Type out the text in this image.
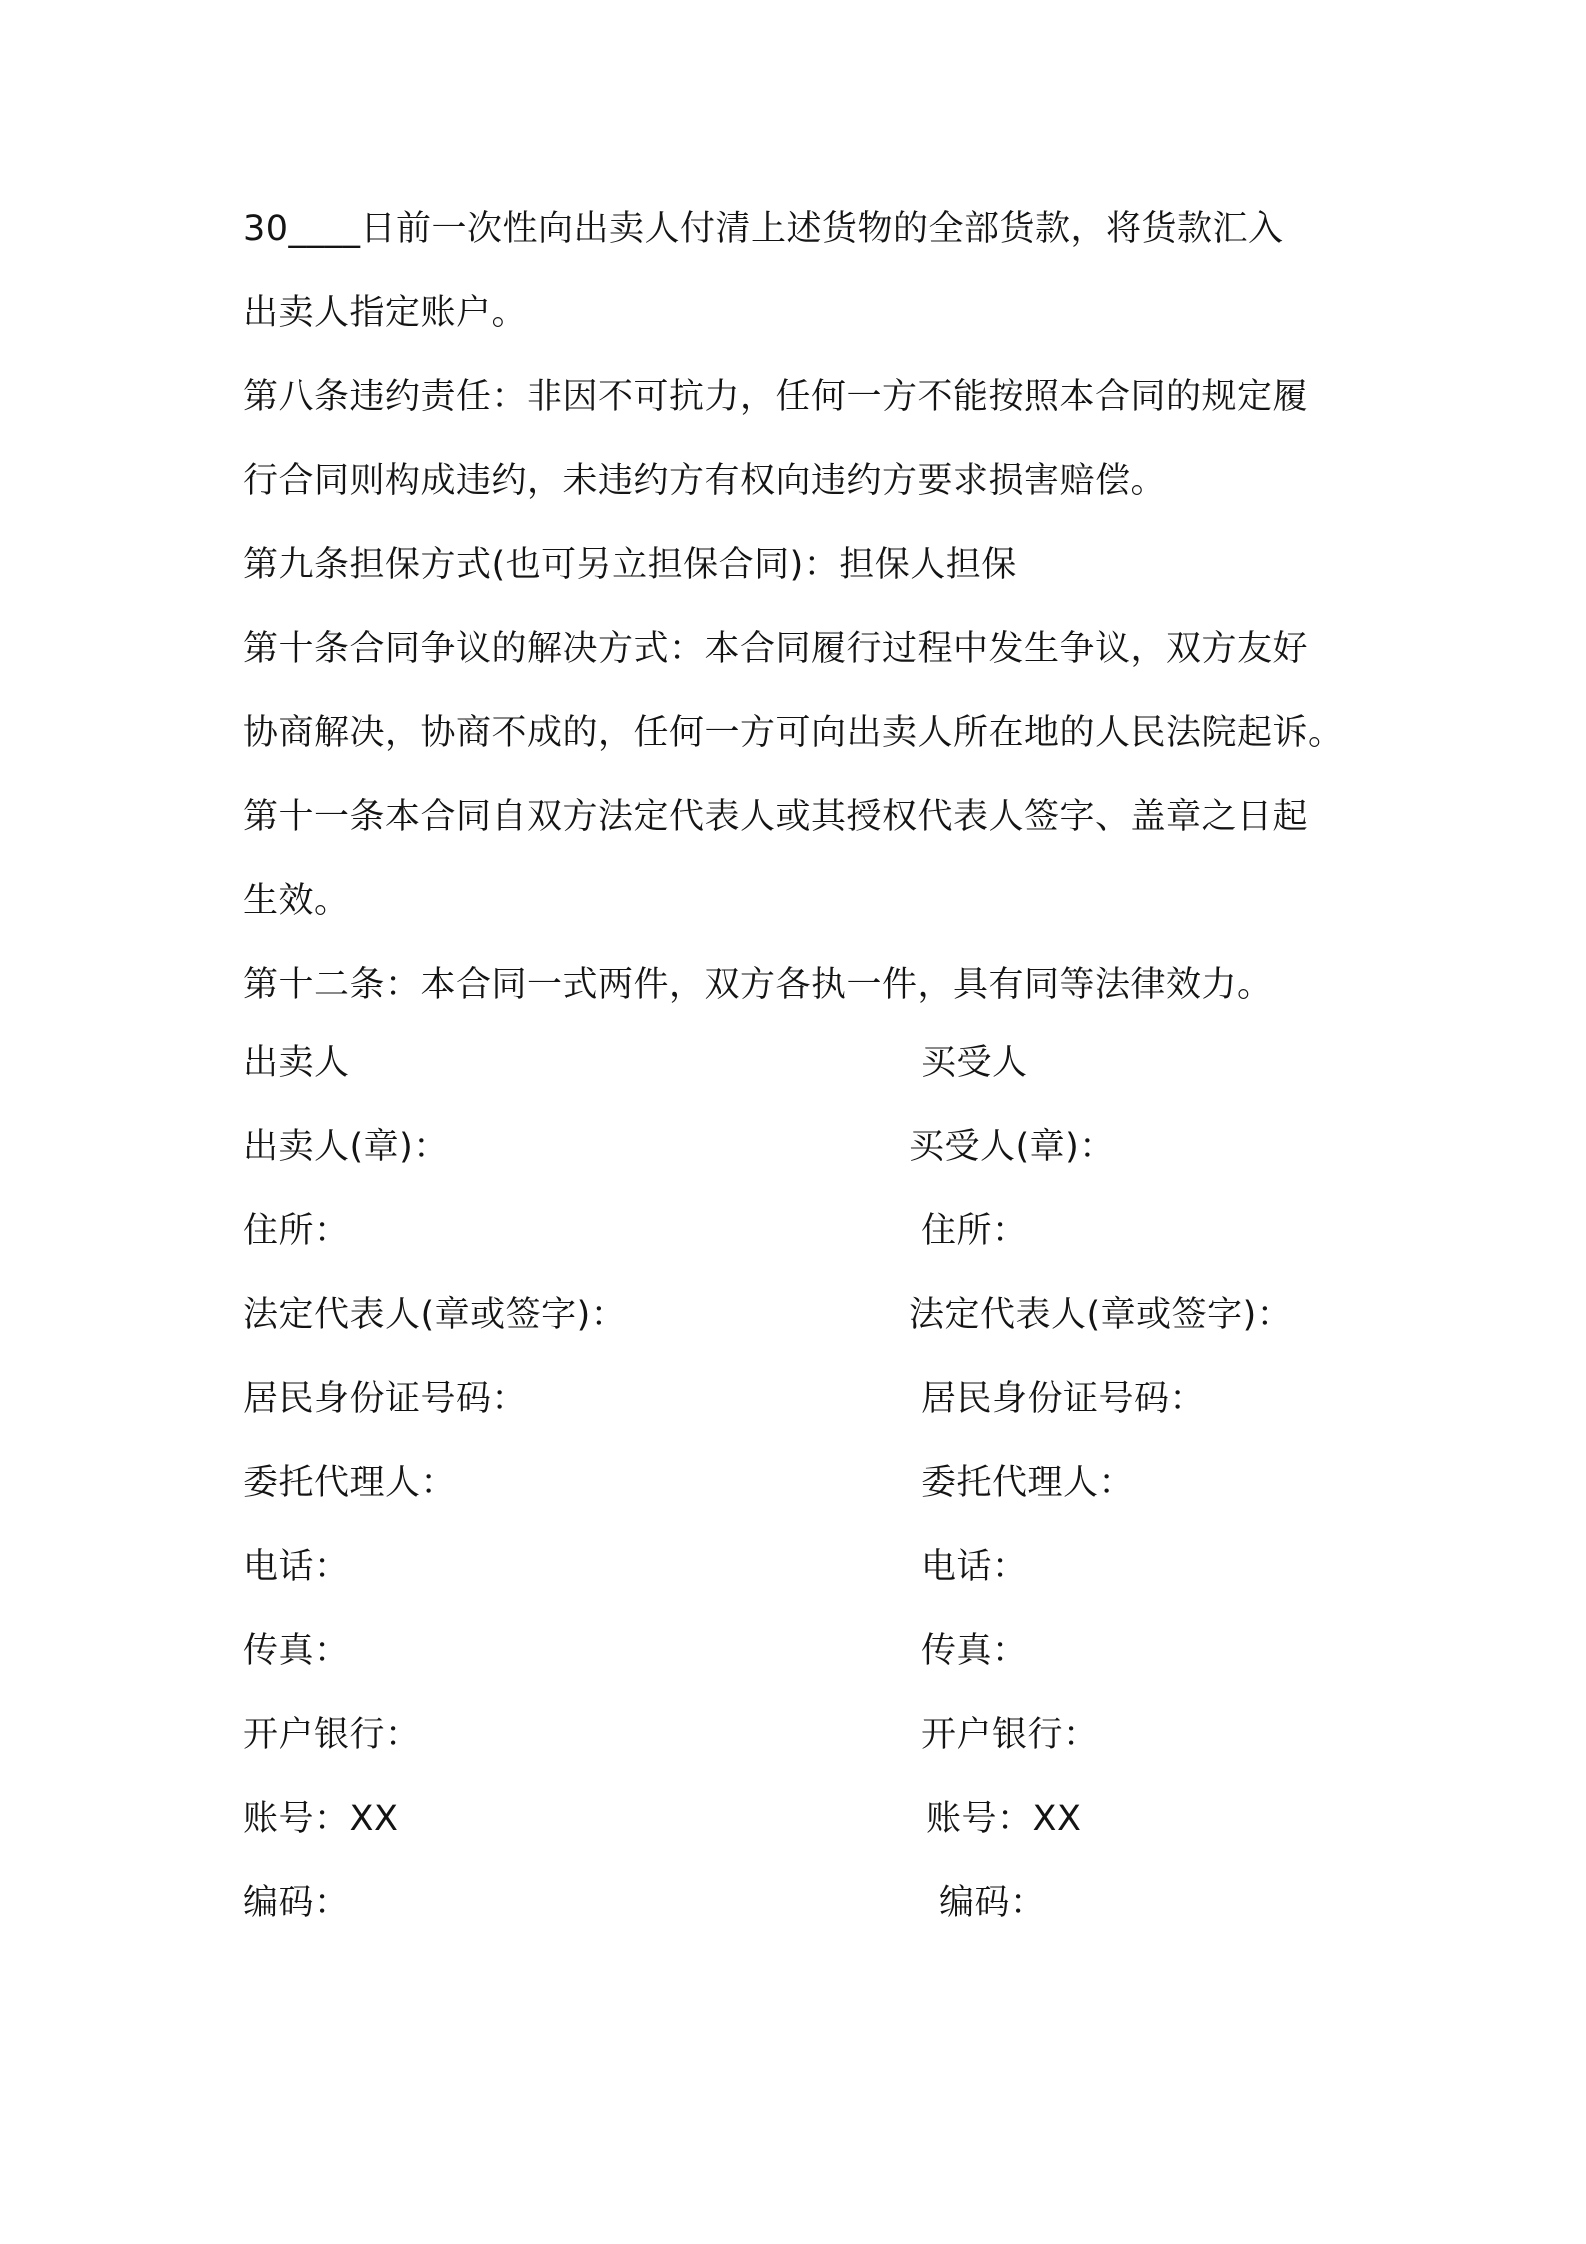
30____日前一次性向出卖人付清上述货物的全部货款，将货款汇入
出卖人指定账户。
第八条违约责任：非因不可抗力，任何一方不能按照本合同的规定履
行合同则构成违约，未违约方有权向违约方要求损害赔偿。
第九条担保方式(也可另立担保合同)：担保人担保
第十条合同争议的解决方式：本合同履行过程中发生争议，双方友好
协商解决，协商不成的，任何一方可向出卖人所在地的人民法院起诉。
第十一条本合同自双方法定代表人或其授权代表人签字、盖章之日起
生效。
第十二条：本合同一式两件，双方各执一件，具有同等法律效力。
出卖人
出卖人(章)：
住所：
法定代表人(章或签字)：
居民身份证号码：
委托代理人：
电话：
传真：
开户银行：
账号：XX
编码：
买受人
买受人(章)：
住所：
法定代表人(章或签字)：
居民身份证号码：
委托代理人：
电话：
传真：
开户银行：
账号：XX
编码：
